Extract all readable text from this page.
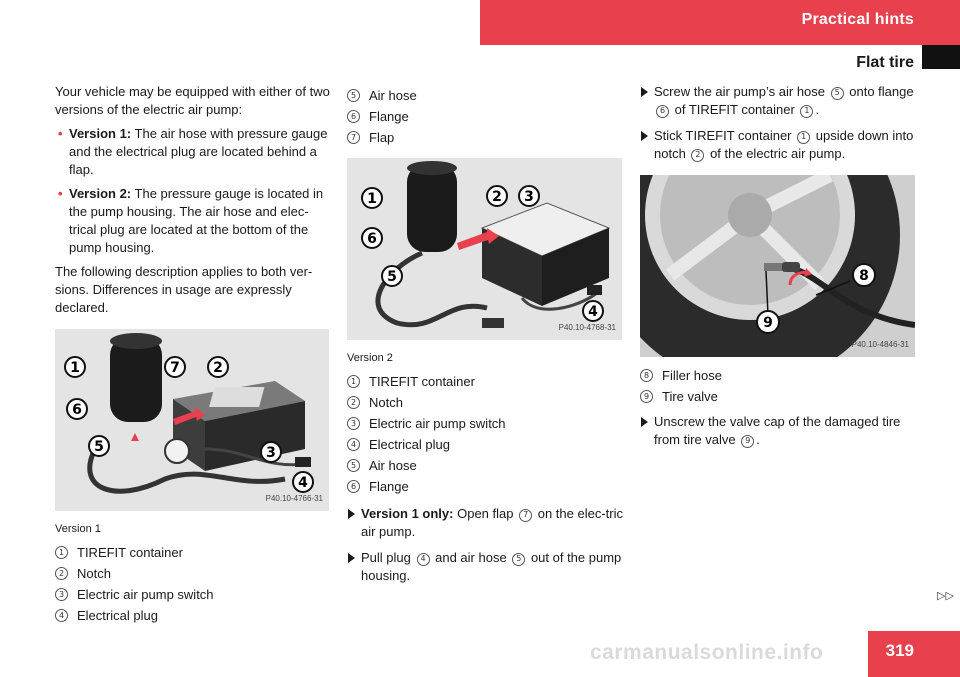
Practical hints
Flat tire

Your vehicle may be equipped with either of two versions of the electric air pump:

• Version 1: The air hose with pressure gauge and the electrical plug are located behind a flap.
• Version 2: The pressure gauge is located in the pump housing. The air hose and elec-trical plug are located at the bottom of the pump housing.

The following description applies to both ver-sions. Differences in usage are expressly declared.

1
6
5
7 2
3
4
P40.10-4766-31
Version 1
1 TIREFIT container
2 Notch
3 Electric air pump switch
4 Electrical plug
5 Air hose
6 Flange
7 Flap
1
6
5
2 3
4
P40.10-4768-31
Version 2
1 TIREFIT container
2 Notch
3 Electric air pump switch
4 Electrical plug
5 Air hose
6 Flange
Version 1 only: Open flap 7 on the elec-tric air pump.
Pull plug 4 and air hose 5 out of the pump housing.
Screw the air pump’s air hose 5 onto flange 6 of TIREFIT container 1 .
Stick TIREFIT container 1 upside down into notch 2 of the electric air pump.
8
9
P40.10-4846-31
8 Filler hose
9 Tire valve
Unscrew the valve cap of the damaged tire from tire valve 9 .
▷▷
carmanualsonline.info	319
